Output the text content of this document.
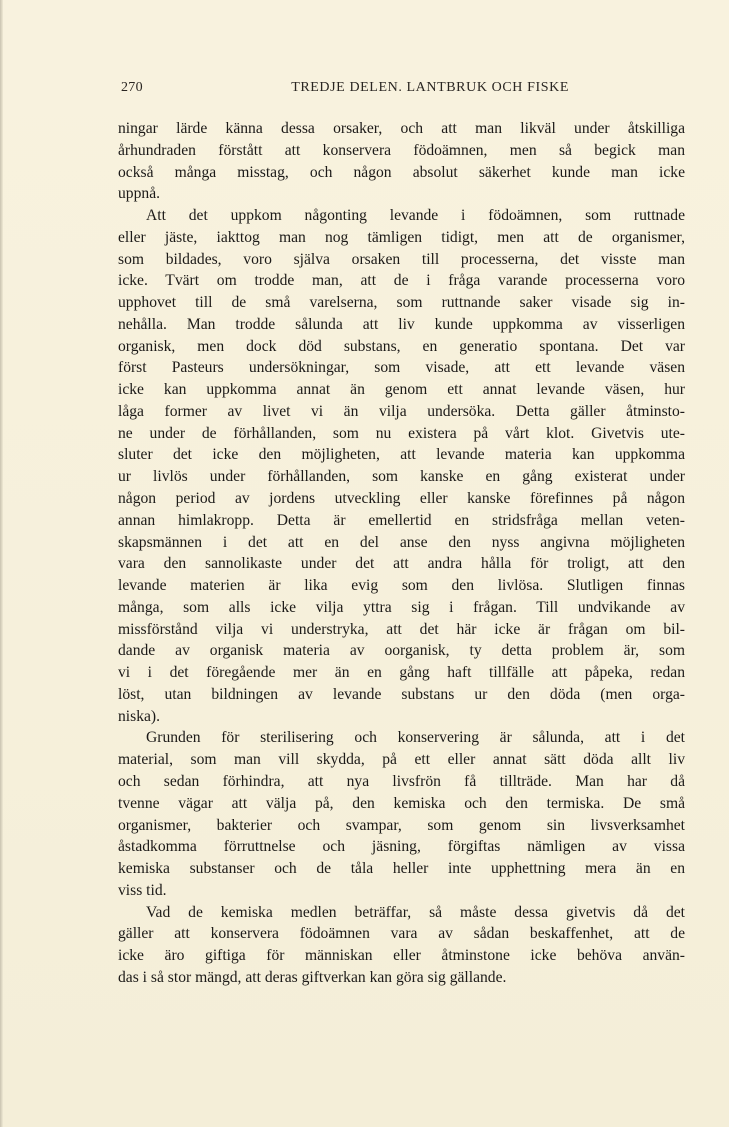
270	TREDJE DELEN. LANTBRUK OCH FISKE
ningar lärde känna dessa orsaker, och att man likväl under åtskilliga
århundraden förstått att konservera födoämnen, men så begick man
också många misstag, och någon absolut säkerhet kunde man icke
uppnå.
Att det uppkom någonting levande i födoämnen, som ruttnade
eller jäste, iakttog man nog tämligen tidigt, men att de organismer,
som bildades, voro själva orsaken till processerna, det visste man
icke. Tvärt om trodde man, att de i fråga varande processerna voro
upphovet till de små varelserna, som ruttnande saker visade sig in-
nehålla. Man trodde sålunda att liv kunde uppkomma av visserligen
organisk, men dock död substans, en generatio spontana. Det var
först Pasteurs undersökningar, som visade, att ett levande väsen
icke kan uppkomma annat än genom ett annat levande väsen, hur
låga former av livet vi än vilja undersöka. Detta gäller åtminsto-
ne under de förhållanden, som nu existera på vårt klot. Givetvis ute-
sluter det icke den möjligheten, att levande materia kan uppkomma
ur livlös under förhållanden, som kanske en gång existerat under
någon period av jordens utveckling eller kanske förefinnes på någon
annan himlakropp. Detta är emellertid en stridsfråga mellan veten-
skapsmännen i det att en del anse den nyss angivna möjligheten
vara den sannolikaste under det att andra hålla för troligt, att den
levande materien är lika evig som den livlösa. Slutligen finnas
många, som alls icke vilja yttra sig i frågan. Till undvikande av
missförstånd vilja vi understryka, att det här icke är frågan om bil-
dande av organisk materia av oorganisk, ty detta problem är, som
vi i det föregående mer än en gång haft tillfälle att påpeka, redan
löst, utan bildningen av levande substans ur den döda (men orga-
niska).
Grunden för sterilisering och konservering är sålunda, att i det
material, som man vill skydda, på ett eller annat sätt döda allt liv
och sedan förhindra, att nya livsfrön få tillträde. Man har då
tvenne vägar att välja på, den kemiska och den termiska. De små
organismer, bakterier och svampar, som genom sin livsverksamhet
åstadkomma förruttnelse och jäsning, förgiftas nämligen av vissa
kemiska substanser och de tåla heller inte upphettning mera än en
viss tid.
Vad de kemiska medlen beträffar, så måste dessa givetvis då det
gäller att konservera födoämnen vara av sådan beskaffenhet, att de
icke äro giftiga för människan eller åtminstone icke behöva använ-
das i så stor mängd, att deras giftverkan kan göra sig gällande.
